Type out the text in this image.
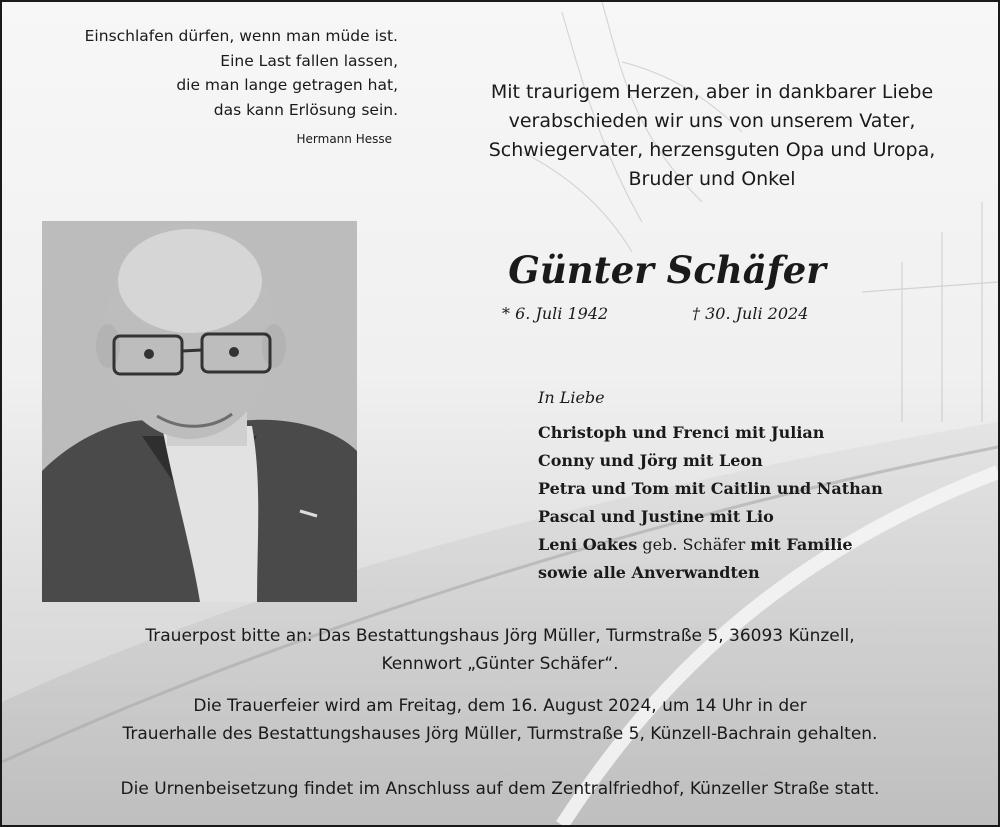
Einschlafen dürfen, wenn man müde ist.
Eine Last fallen lassen,
die man lange getragen hat,
das kann Erlösung sein.
Hermann Hesse
Mit traurigem Herzen, aber in dankbarer Liebe
verabschieden wir uns von unserem Vater,
Schwiegervater, herzensguten Opa und Uropa,
Bruder und Onkel
Günter Schäfer
* 6. Juli 1942	† 30. Juli 2024
In Liebe
Christoph und Frenci mit Julian
Conny und Jörg mit Leon
Petra und Tom mit Caitlin und Nathan
Pascal und Justine mit Lio
Leni Oakes geb. Schäfer mit Familie
sowie alle Anverwandten
Trauerpost bitte an: Das Bestattungshaus Jörg Müller, Turmstraße 5, 36093 Künzell,
Kennwort „Günter Schäfer“.
Die Trauerfeier wird am Freitag, dem 16. August 2024, um 14 Uhr in der
Trauerhalle des Bestattungshauses Jörg Müller, Turmstraße 5, Künzell-Bachrain gehalten.
Die Urnenbeisetzung findet im Anschluss auf dem Zentralfriedhof, Künzeller Straße statt.
